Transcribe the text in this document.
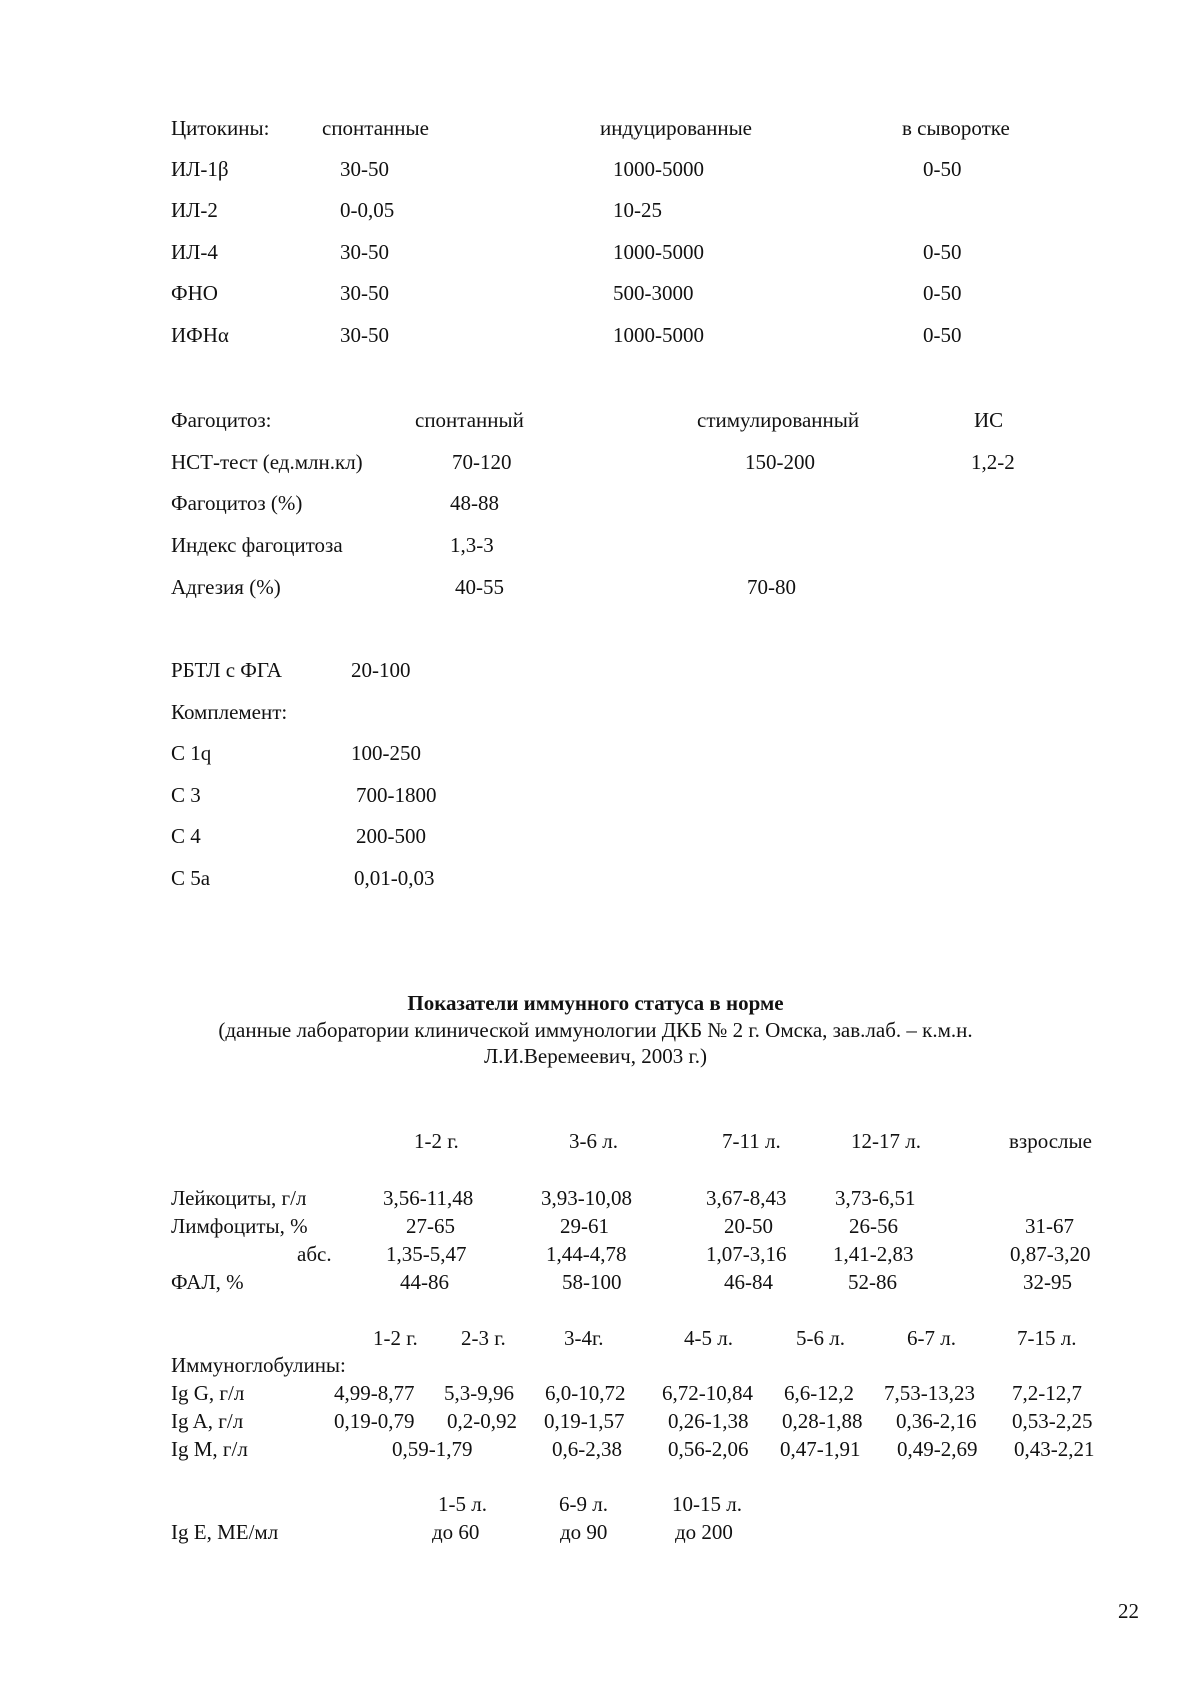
Цитокины:	спонтанные	индуцированные	в сыворотке
ИЛ-1β	30-50	1000-5000	0-50
ИЛ-2	0-0,05	10-25
ИЛ-4	30-50	1000-5000	0-50
ФНО	30-50	500-3000	0-50
ИФНα	30-50	1000-5000	0-50
Фагоцитоз:	спонтанный	стимулированный	ИС
НСТ-тест (ед.млн.кл)	70-120	150-200	1,2-2
Фагоцитоз (%)	48-88
Индекс фагоцитоза	1,3-3
Адгезия (%)	40-55	70-80
РБТЛ с ФГА	20-100
Комплемент:
С 1q	100-250
С 3	700-1800
С 4	200-500
С 5а	0,01-0,03
Показатели иммунного статуса в норме
(данные лаборатории клинической иммунологии ДКБ № 2 г. Омска, зав.лаб. – к.м.н.
Л.И.Веремеевич, 2003 г.)
1-2 г.	3-6 л.	7-11 л.	12-17 л.	взрослые
Лейкоциты, г/л	3,56-11,48	3,93-10,08	3,67-8,43 3,73-6,51
Лимфоциты, %	27-65	29-61	20-50	26-56	31-67
абс.	1,35-5,47	1,44-4,78	1,07-3,16 1,41-2,83	0,87-3,20
ФАЛ, %	44-86	58-100	46-84	52-86	32-95
1-2 г. 2-3 г.	3-4г.	4-5 л.	5-6 л.	6-7 л.	7-15 л.
Иммуноглобулины:
Ig G, г/л	4,99-8,77 5,3-9,96 6,0-10,72 6,72-10,84 6,6-12,2 7,53-13,23 7,2-12,7
Ig A, г/л	0,19-0,79 0,2-0,92 0,19-1,57 0,26-1,38 0,28-1,88 0,36-2,16 0,53-2,25
Ig M, г/л	0,59-1,79	0,6-2,38 0,56-2,06 0,47-1,91 0,49-2,69 0,43-2,21
1-5 л.	6-9 л.	10-15 л.
Ig E, МЕ/мл	до 60	до 90	до 200
22
